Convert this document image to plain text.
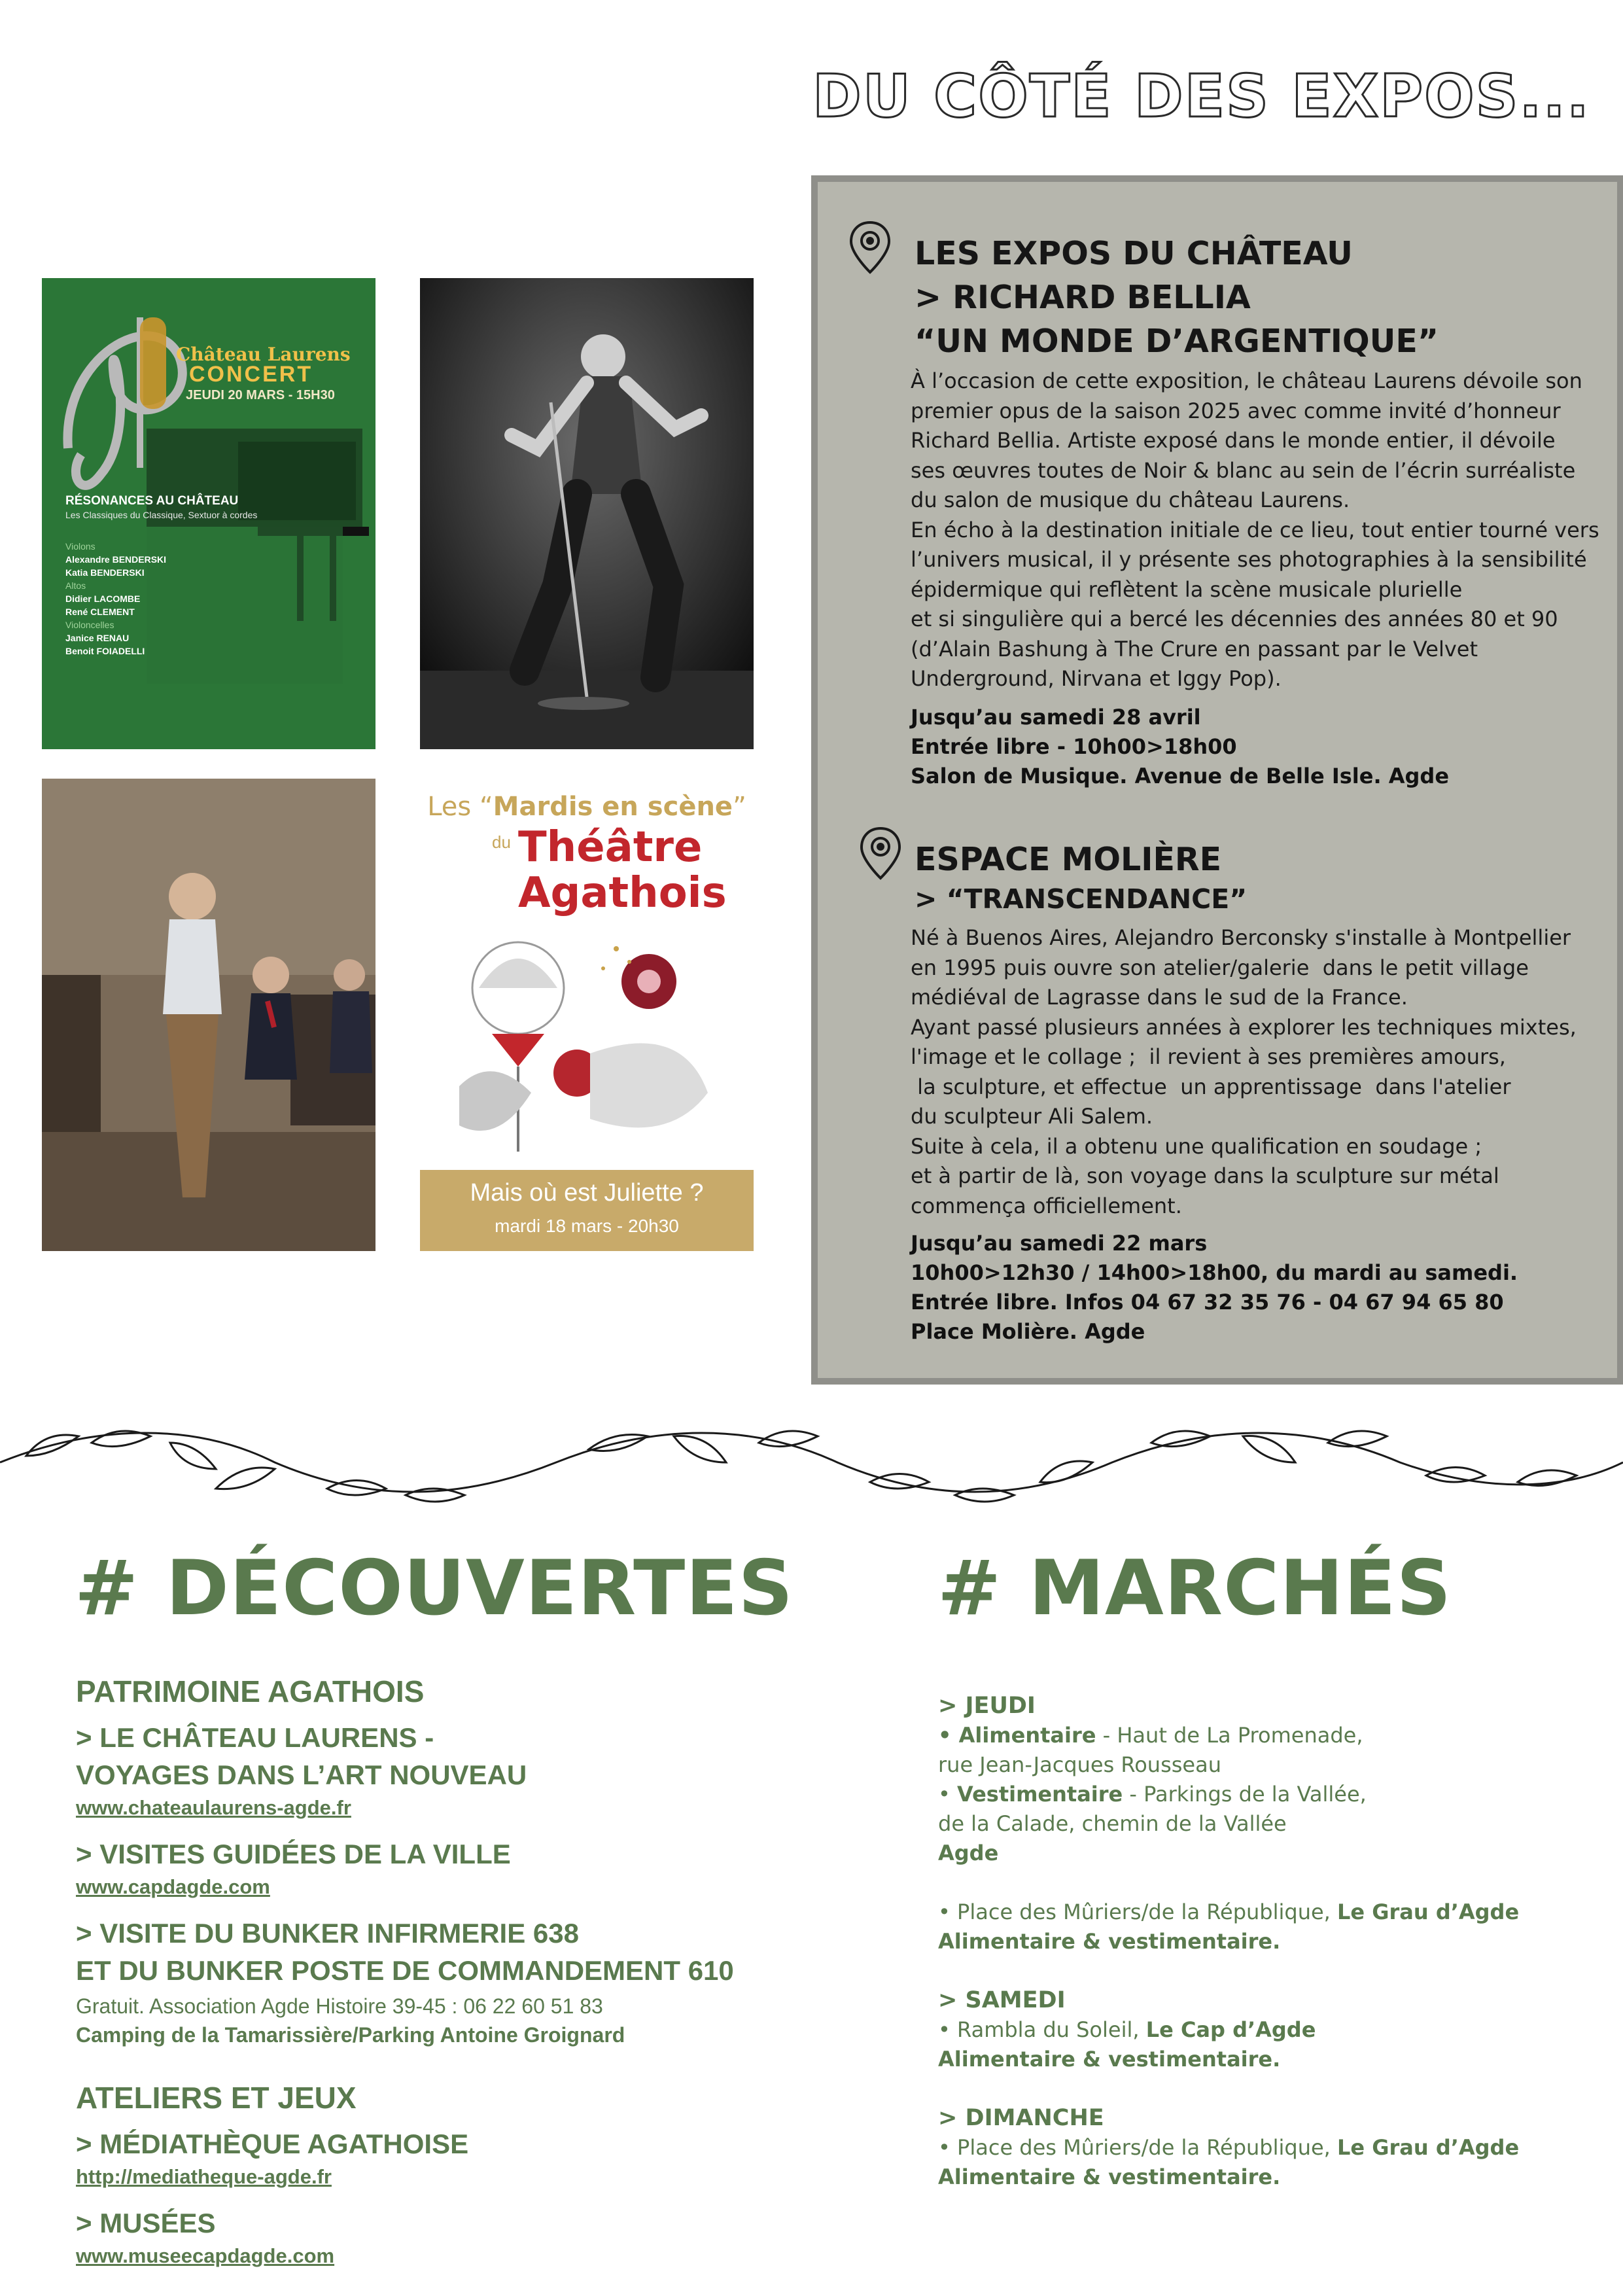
DU CÔTÉ DES EXPOS...
Château Laurens
CONCERT
JEUDI 20 MARS - 15H30
RÉSONANCES AU CHÂTEAU
Les Classiques du Classique, Sextuor à cordes
Violons
Alexandre BENDERSKI
Katia BENDERSKI
Altos
Didier LACOMBE
René CLEMENT
Violoncelles
Janice RENAU
Benoit FOIADELLI
Les “Mardis en scène”
du Théâtre
Agathois
Mais où est Juliette ?
mardi 18 mars - 20h30
LES EXPOS DU CHÂTEAU
> RICHARD BELLIA
“UN MONDE D’ARGENTIQUE”

À l’occasion de cette exposition, le château Laurens dévoile son
premier opus de la saison 2025 avec comme invité d’honneur
Richard Bellia. Artiste exposé dans le monde entier, il dévoile
ses œuvres toutes de Noir & blanc au sein de l’écrin surréaliste
du salon de musique du château Laurens.
En écho à la destination initiale de ce lieu, tout entier tourné vers
l’univers musical, il y présente ses photographies à la sensibilité
épidermique qui reflètent la scène musicale plurielle
et si singulière qui a bercé les décennies des années 80 et 90
(d’Alain Bashung à The Crure en passant par le Velvet
Underground, Nirvana et Iggy Pop).

Jusqu’au samedi 28 avril
Entrée libre - 10h00>18h00
Salon de Musique. Avenue de Belle Isle. Agde

ESPACE MOLIÈRE
> “TRANSCENDANCE”

Né à Buenos Aires, Alejandro Berconsky s'installe à Montpellier
en 1995 puis ouvre son atelier/galerie  dans le petit village
médiéval de Lagrasse dans le sud de la France.
Ayant passé plusieurs années à explorer les techniques mixtes,
l'image et le collage ;  il revient à ses premières amours,
la sculpture, et effectue  un apprentissage  dans l'atelier
du sculpteur Ali Salem.
Suite à cela, il a obtenu une qualification en soudage ;
et à partir de là, son voyage dans la sculpture sur métal
commença officiellement.

Jusqu’au samedi 22 mars
10h00>12h30 / 14h00>18h00, du mardi au samedi.
Entrée libre. Infos 04 67 32 35 76 - 04 67 94 65 80
Place Molière. Agde

# DÉCOUVERTES

PATRIMOINE AGATHOIS

> LE CHÂTEAU LAURENS -

VOYAGES DANS L’ART NOUVEAU

www.chateaulaurens-agde.fr

> VISITES GUIDÉES DE LA VILLE

www.capdagde.com

> VISITE DU BUNKER INFIRMERIE 638

ET DU BUNKER POSTE DE COMMANDEMENT 610

Gratuit. Association Agde Histoire 39-45 : 06 22 60 51 83

Camping de la Tamarissière/Parking Antoine Groignard

ATELIERS ET JEUX

> MÉDIATHÈQUE AGATHOISE

http://mediatheque-agde.fr

> MUSÉES

www.museecapdagde.com
# MARCHÉS

> JEUDI

• Alimentaire - Haut de La Promenade,

rue Jean-Jacques Rousseau

• Vestimentaire - Parkings de la Vallée,

de la Calade, chemin de la Vallée

Agde

• Place des Mûriers/de la République, Le Grau d’Agde

Alimentaire & vestimentaire.

> SAMEDI

• Rambla du Soleil, Le Cap d’Agde

Alimentaire & vestimentaire.

> DIMANCHE

• Place des Mûriers/de la République, Le Grau d’Agde

Alimentaire & vestimentaire.
